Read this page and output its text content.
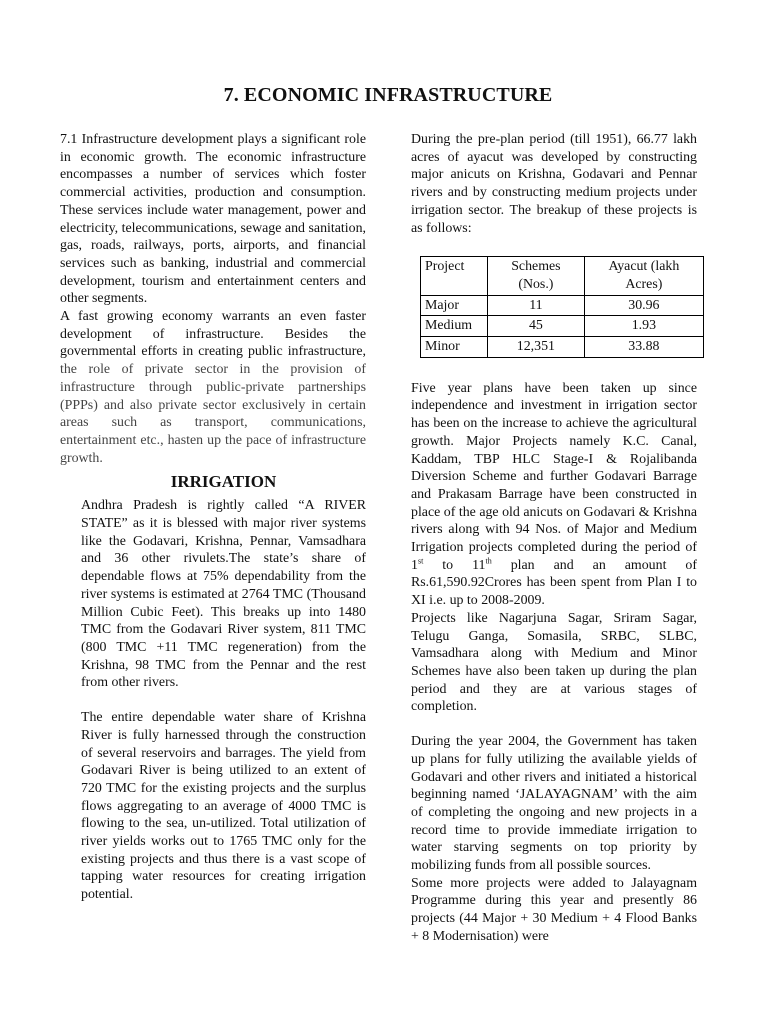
7. ECONOMIC INFRASTRUCTURE

7.1 Infrastructure development plays a significant role in economic growth. The economic infrastructure encompasses a number of services which foster commercial activities, production and consumption. These services include water management, power and electricity, telecommunications, sewage and sanitation, gas, roads, railways, ports, airports, and financial services such as banking, industrial and commercial development, tourism and entertainment centers and other segments.

A fast growing economy warrants an even faster development of infrastructure. Besides the governmental efforts in creating public infrastructure, the role of private sector in the provision of infrastructure through public-private partnerships (PPPs) and also private sector exclusively in certain areas such as transport, communications, entertainment etc., hasten up the pace of infrastructure growth.

IRRIGATION

Andhra Pradesh is rightly called “A RIVER STATE” as it is blessed with major river systems like the Godavari, Krishna, Pennar, Vamsadhara and 36 other rivulets.The state’s share of dependable flows at 75% dependability from the river systems is estimated at 2764 TMC (Thousand Million Cubic Feet). This breaks up into 1480 TMC from the Godavari River system, 811 TMC (800 TMC +11 TMC regeneration) from the Krishna, 98 TMC from the Pennar and the rest from other rivers.

The entire dependable water share of Krishna River is fully harnessed through the construction of several reservoirs and barrages. The yield from Godavari River is being utilized to an extent of 720 TMC for the existing projects and the surplus flows aggregating to an average of 4000 TMC is flowing to the sea, un-utilized. Total utilization of river yields works out to 1765 TMC only for the existing projects and thus there is a vast scope of tapping water resources for creating irrigation potential.

During the pre-plan period (till 1951), 66.77 lakh acres of ayacut was developed by constructing major anicuts on Krishna, Godavari and Pennar rivers and by constructing medium projects under irrigation sector. The breakup of these projects is as follows:

Project	Schemes (Nos.)	Ayacut (lakh Acres)
Major	11	30.96
Medium	45	1.93
Minor	12,351	33.88

Five year plans have been taken up since independence and investment in irrigation sector has been on the increase to achieve the agricultural growth. Major Projects namely K.C. Canal, Kaddam, TBP HLC Stage-I & Rojalibanda Diversion Scheme and further Godavari Barrage and Prakasam Barrage have been constructed in place of the age old anicuts on Godavari & Krishna rivers along with 94 Nos. of Major and Medium Irrigation projects completed during the period of 1st to 11th plan and an amount of Rs.61,590.92Crores has been spent from Plan I to XI i.e. up to 2008-2009.

Projects like Nagarjuna Sagar, Sriram Sagar, Telugu Ganga, Somasila, SRBC, SLBC, Vamsadhara along with Medium and Minor Schemes have also been taken up during the plan period and they are at various stages of completion.

During the year 2004, the Government has taken up plans for fully utilizing the available yields of Godavari and other rivers and initiated a historical beginning named ‘JALAYAGNAM’ with the aim of completing the ongoing and new projects in a record time to provide immediate irrigation to water starving segments on top priority by mobilizing funds from all possible sources.

Some more projects were added to Jalayagnam Programme during this year and presently 86 projects (44 Major + 30 Medium + 4 Flood Banks + 8 Modernisation) were
